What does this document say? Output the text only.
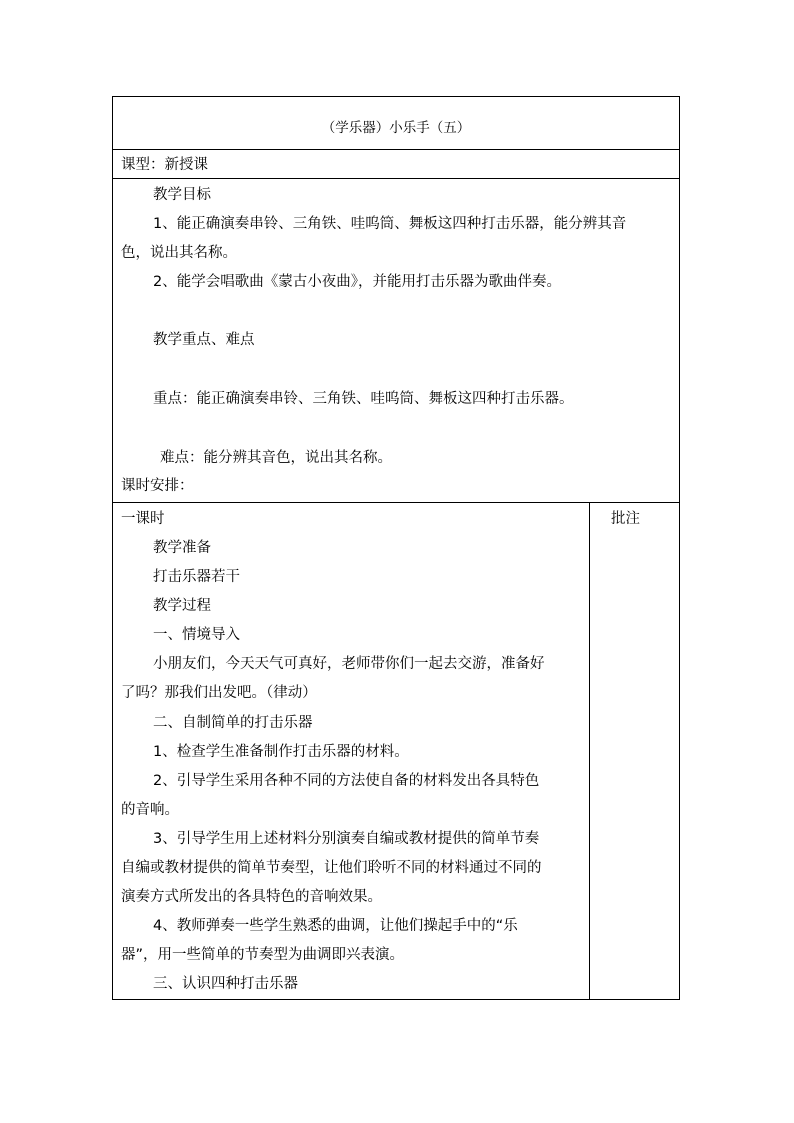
（学乐器）小乐手（五）
课型：新授课
教学目标
1、能正确演奏串铃、三角铁、哇呜筒、舞板这四种打击乐器，能分辨其音
色，说出其名称。
2、能学会唱歌曲《蒙古小夜曲》，并能用打击乐器为歌曲伴奏。
教学重点、难点
重点：能正确演奏串铃、三角铁、哇呜筒、舞板这四种打击乐器。
难点：能分辨其音色，说出其名称。
课时安排：
一课时
教学准备
打击乐器若干
教学过程
一、情境导入
小朋友们，今天天气可真好，老师带你们一起去交游，准备好
了吗？那我们出发吧。（律动）
二、自制简单的打击乐器
1、检查学生准备制作打击乐器的材料。
2、引导学生采用各种不同的方法使自备的材料发出各具特色
的音响。
3、引导学生用上述材料分别演奏自编或教材提供的简单节奏
自编或教材提供的简单节奏型，让他们聆听不同的材料通过不同的
演奏方式所发出的各具特色的音响效果。
4、教师弹奏一些学生熟悉的曲调，让他们操起手中的“乐
器”，用一些简单的节奏型为曲调即兴表演。
三、认识四种打击乐器
批注
